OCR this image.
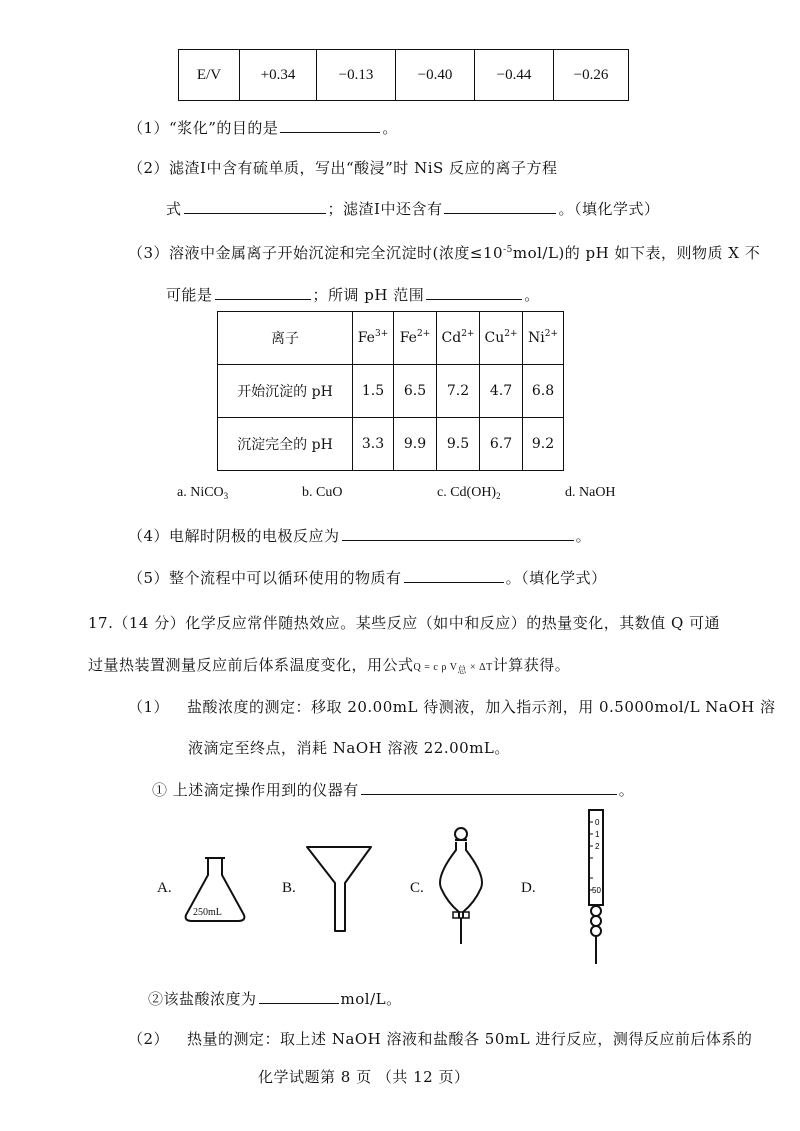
E/V	+0.34	−0.13	−0.40	−0.44	−0.26
（1）“浆化”的目的是	。
（2）滤渣Ⅰ中含有硫单质，写出“酸浸”时 NiS 反应的离子方程
式	；滤渣Ⅰ中还含有	。（填化学式）
（3）溶液中金属离子开始沉淀和完全沉淀时(浓度$\le 10^{-5}mol/L$)的 pH 如下表，则物质 X 不
可能是	；所调 pH 范围	。
离子	$Fe^{3+}$	$Fe^{2+}$	$Cd^{2+}$	$Cu^{2+}$	$Ni^{2+}$
开始沉淀的 pH	1.5	6.5	7.2	4.7	6.8
沉淀完全的 pH	3.3	9.9	9.5	6.7	9.2
a. NiCO$_3$	b. CuO	c. $Cd(OH)_2$	d. NaOH
（4）电解时阴极的电极反应为	。
（5）整个流程中可以循环使用的物质有	。（填化学式）
17.（14 分）化学反应常伴随热效应。某些反应（如中和反应）的热量变化，其数值 Q 可通
过量热装置测量反应前后体系温度变化，用公式Q = c ρ $V_总 \times \Delta T$计算获得。
（1） 盐酸浓度的测定：移取 20.00mL 待测液，加入指示剂，用 0.5000mol/L NaOH 溶
液滴定至终点，消耗 NaOH 溶液 22.00mL。
① 上述滴定操作用到的仪器有	。
A.
250mL
B.	C.	D.
0
1
2
50
②该盐酸浓度为	mol/L。
（2） 热量的测定：取上述 NaOH 溶液和盐酸各 50mL 进行反应，测得反应前后体系的
化学试题第 8 页 （共 12 页）
